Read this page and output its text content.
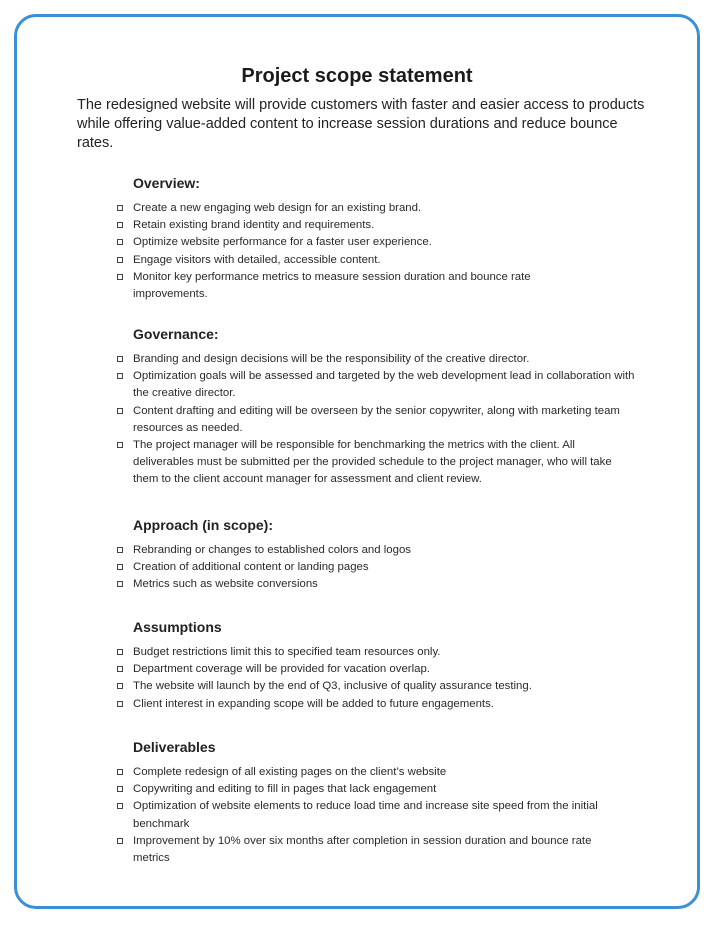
Project scope statement
The redesigned website will provide customers with faster and easier access to products while offering value-added content to increase session durations and reduce bounce rates.
Overview:
Create a new engaging web design for an existing brand.
Retain existing brand identity and requirements.
Optimize website performance for a faster user experience.
Engage visitors with detailed, accessible content.
Monitor key performance metrics to measure session duration and bounce rate improvements.
Governance:
Branding and design decisions will be the responsibility of the creative director.
Optimization goals will be assessed and targeted by the web development lead in collaboration with the creative director.
Content drafting and editing will be overseen by the senior copywriter, along with marketing team resources as needed.
The project manager will be responsible for benchmarking the metrics with the client. All deliverables must be submitted per the provided schedule to the project manager, who will take them to the client account manager for assessment and client review.
Approach (in scope):
Rebranding or changes to established colors and logos
Creation of additional content or landing pages
Metrics such as website conversions
Assumptions
Budget restrictions limit this to specified team resources only.
Department coverage will be provided for vacation overlap.
The website will launch by the end of Q3, inclusive of quality assurance testing.
Client interest in expanding scope will be added to future engagements.
Deliverables
Complete redesign of all existing pages on the client’s website
Copywriting and editing to fill in pages that lack engagement
Optimization of website elements to reduce load time and increase site speed from the initial benchmark
Improvement by 10% over six months after completion in session duration and bounce rate metrics
